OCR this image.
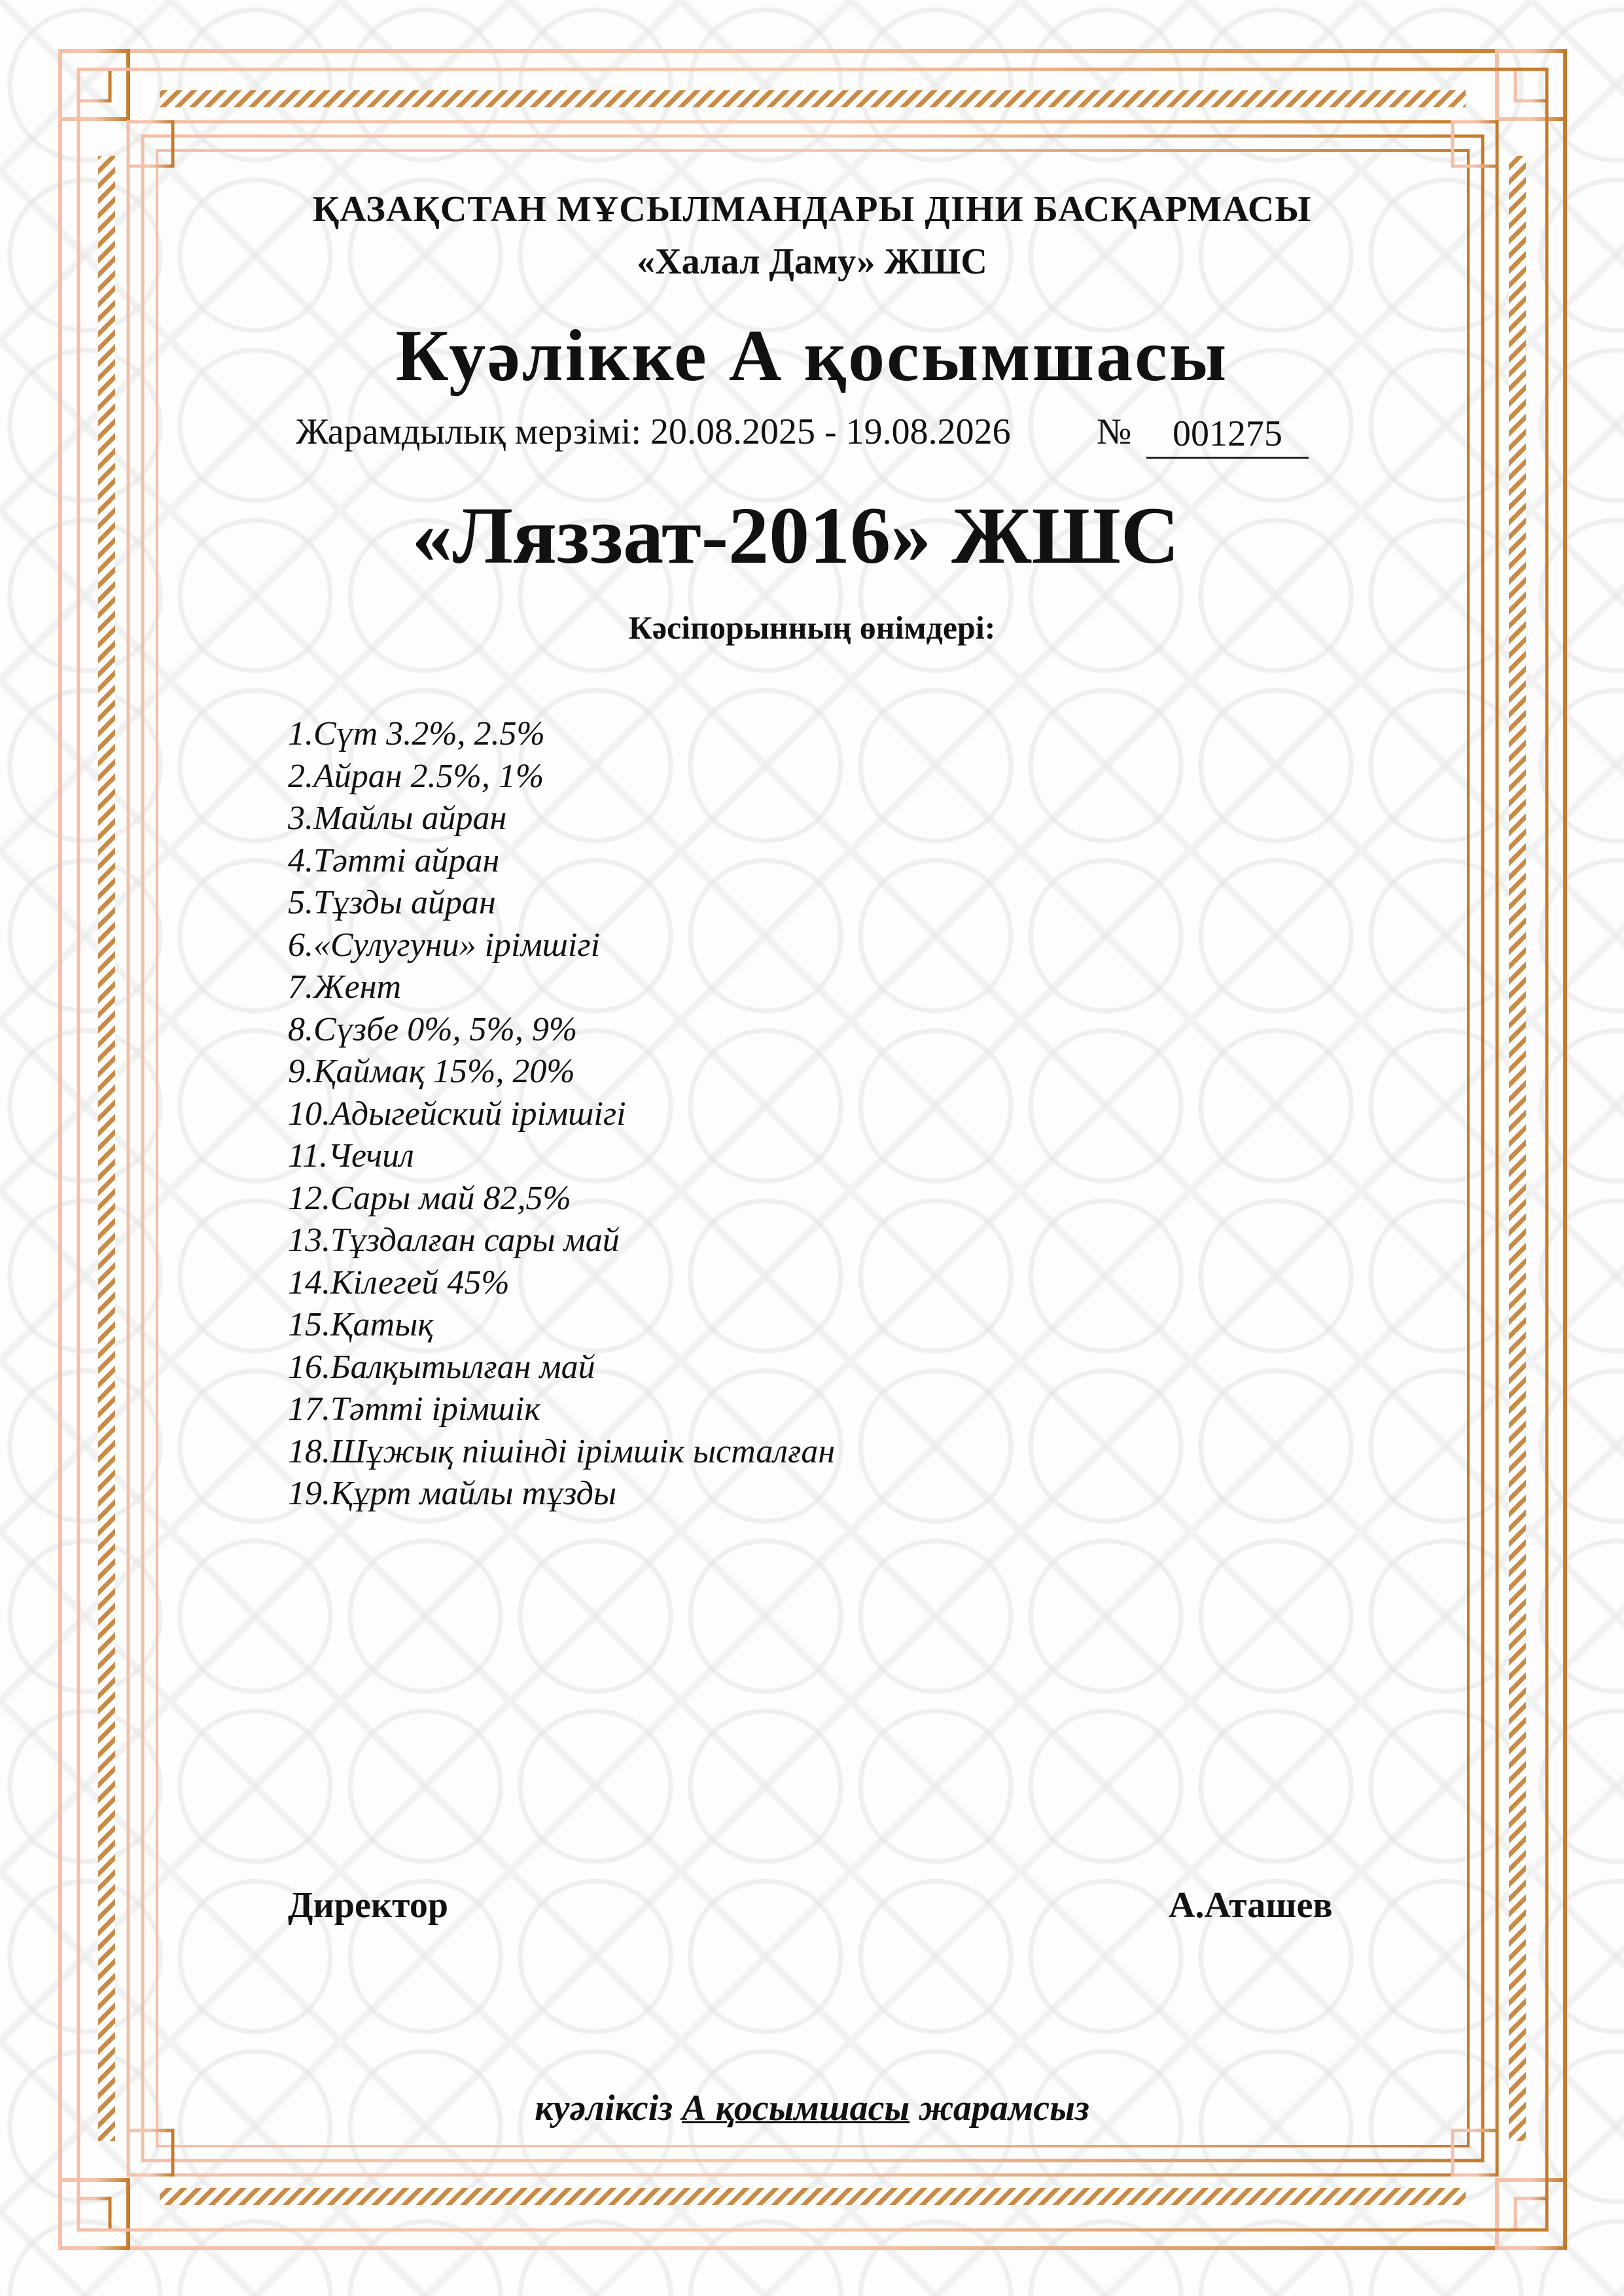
ҚАЗАҚСТАН МҰСЫЛМАНДАРЫ ДІНИ БАСҚАРМАСЫ
«Халал Даму» ЖШС
Куәлікке А қосымшасы
Жарамдылық мерзімі: 20.08.2025 - 19.08.2026 №	001275
«Ляззат-2016» ЖШС
Кәсіпорынның өнімдері:
1.Сүт 3.2%, 2.5%
2.Айран 2.5%, 1%
3.Майлы айран
4.Тәтті айран
5.Тұзды айран
6.«Сулугуни» ірімшігі
7.Жент
8.Сүзбе 0%, 5%, 9%
9.Қаймақ 15%, 20%
10.Адыгейский ірімшігі
11.Чечил
12.Сары май 82,5%
13.Тұздалған сары май
14.Кілегей 45%
15.Қатық
16.Балқытылған май
17.Тәтті ірімшік
18.Шұжық пішінді ірімшік ысталған
19.Құрт майлы тұзды
Директор	А.Аташев
куәліксіз А қосымшасы жарамсыз
